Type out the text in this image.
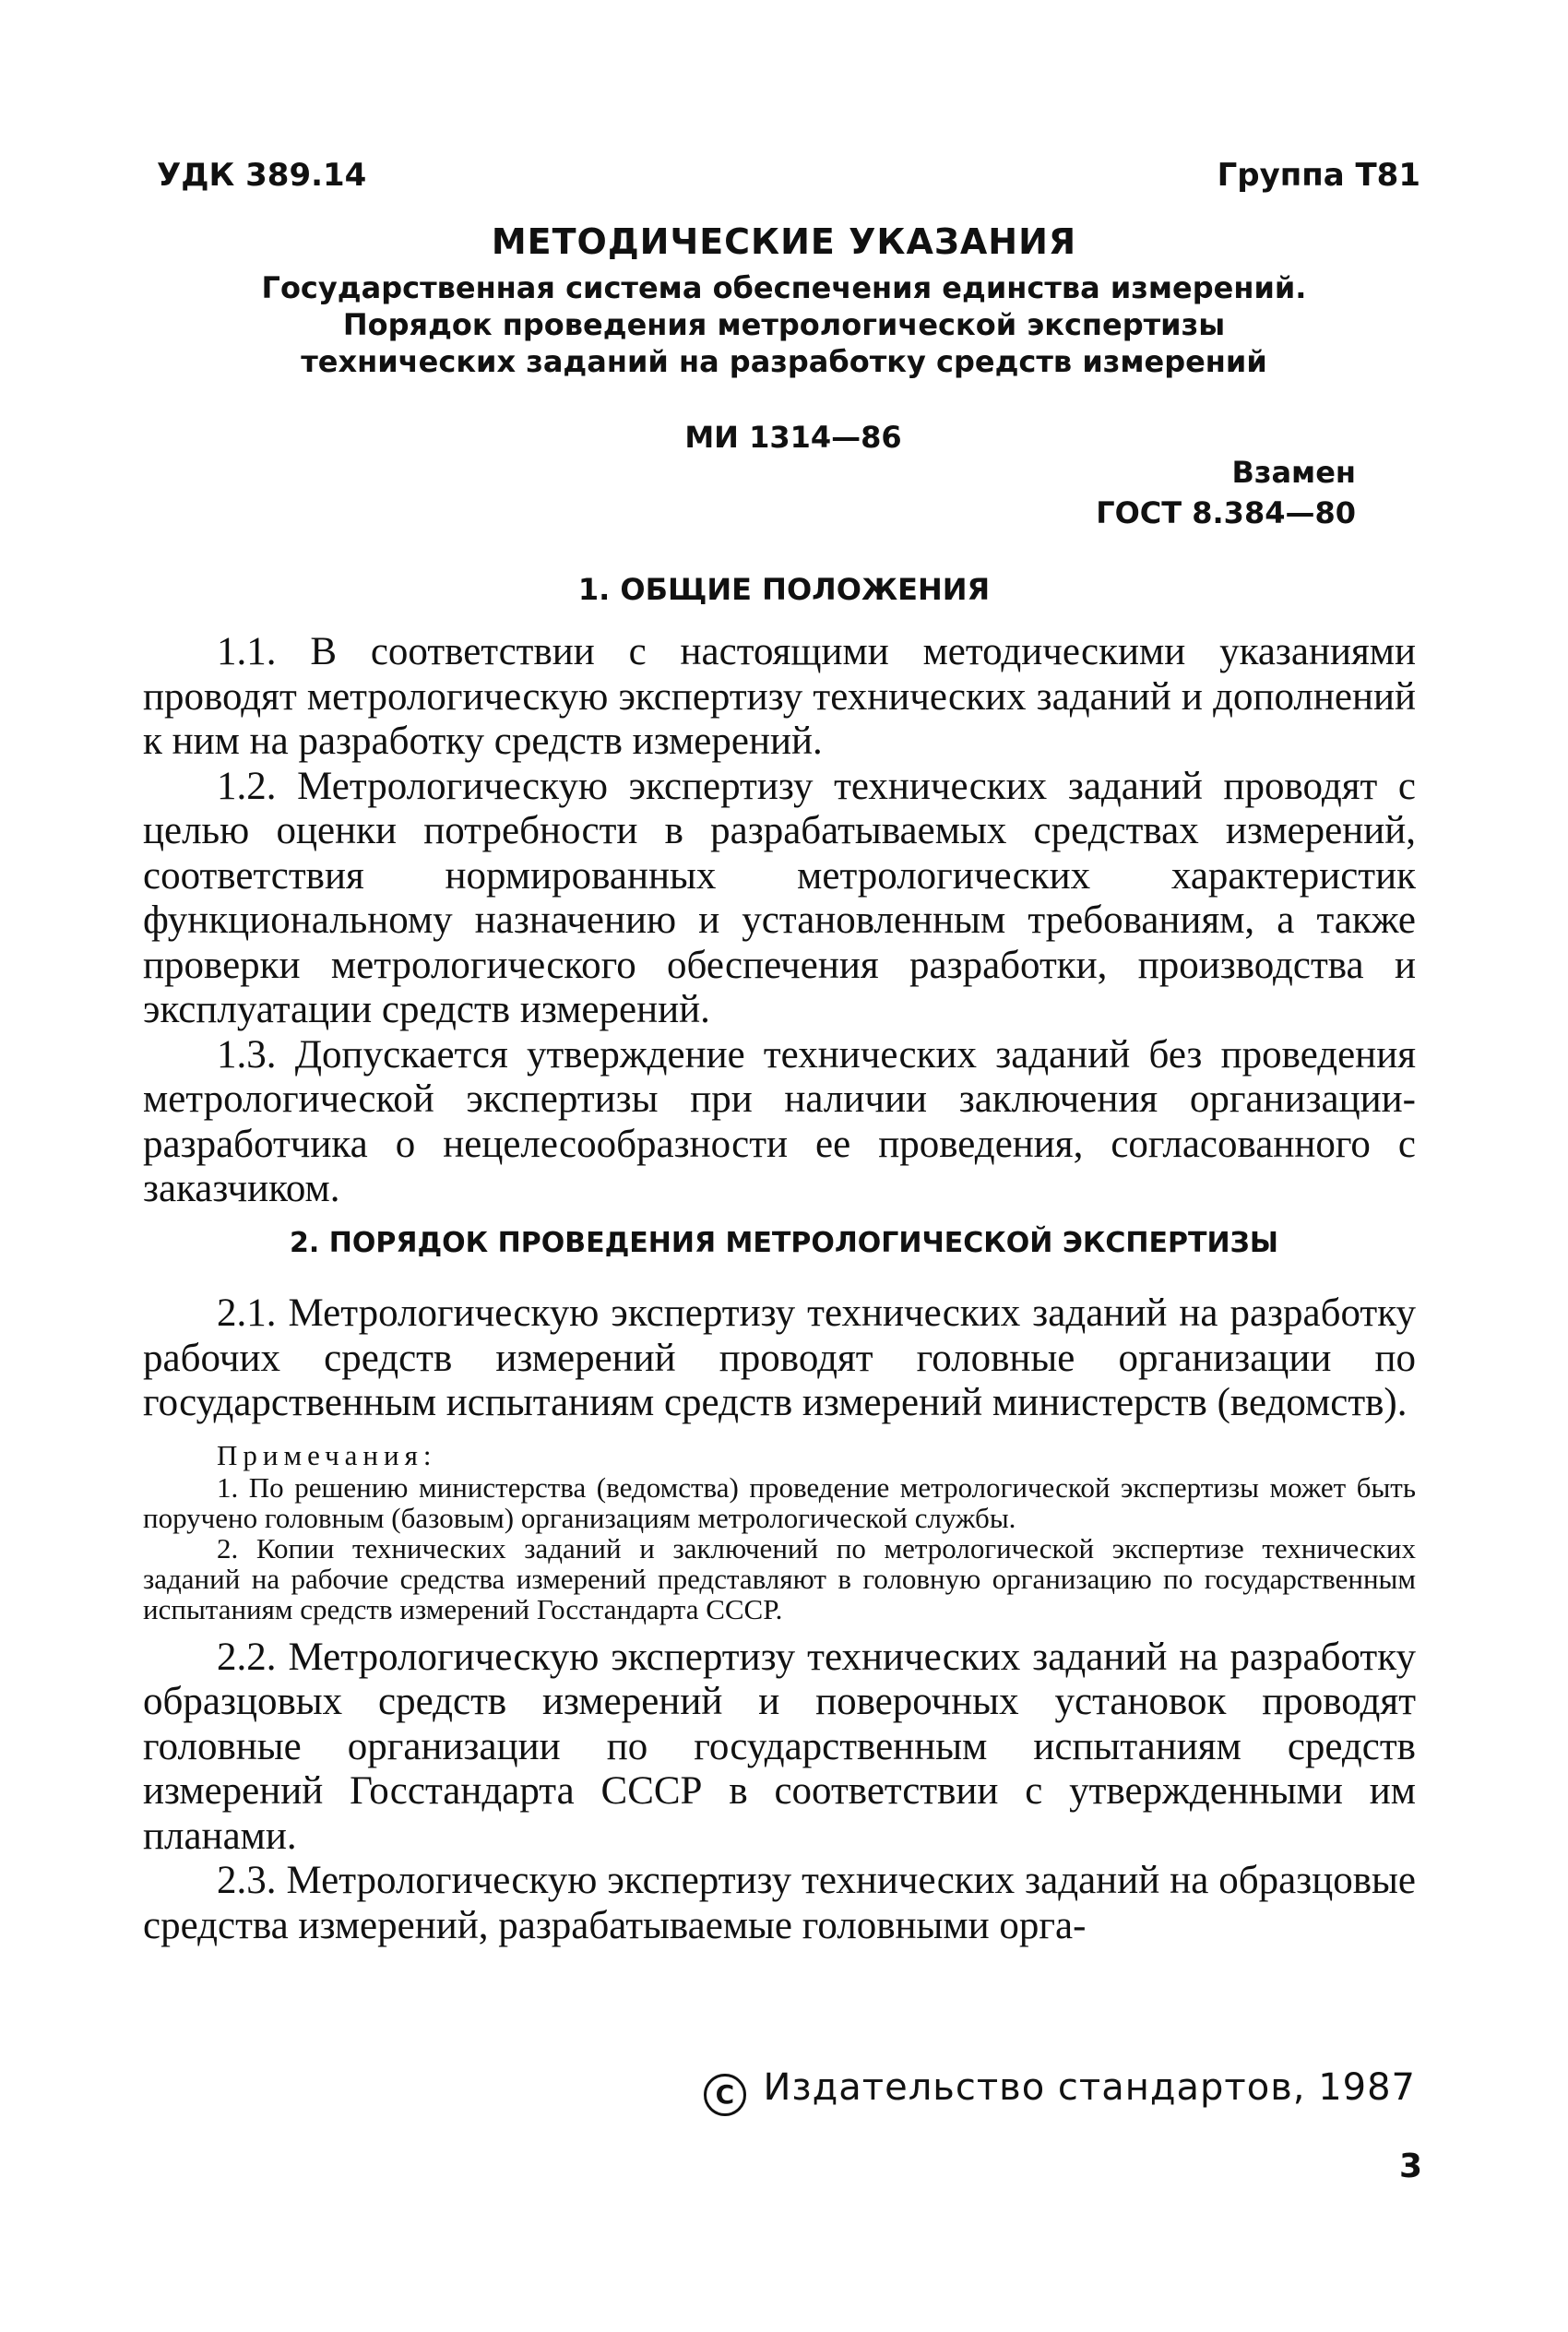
УДК 389.14	Группа Т81
МЕТОДИЧЕСКИЕ УКАЗАНИЯ
Государственная система обеспечения единства измерений. Порядок проведения метрологической экспертизы технических заданий на разработку средств измерений
МИ 1314—86
Взамен
ГОСТ 8.384—80
1. ОБЩИЕ ПОЛОЖЕНИЯ

1.1. В соответствии с настоящими методическими указаниями проводят метрологическую экспертизу технических заданий и дополнений к ним на разработку средств измерений.

1.2. Метрологическую экспертизу технических заданий проводят с целью оценки потребности в разрабатываемых средствах измерений, соответствия нормированных метрологических характеристик функциональному назначению и установленным требованиям, а также проверки метрологического обеспечения разработки, производства и эксплуатации средств измерений.

1.3. Допускается утверждение технических заданий без проведения метрологической экспертизы при наличии заключения организации-разработчика о нецелесообразности ее проведения, согласованного с заказчиком.

2. ПОРЯДОК ПРОВЕДЕНИЯ МЕТРОЛОГИЧЕСКОЙ ЭКСПЕРТИЗЫ

2.1. Метрологическую экспертизу технических заданий на разработку рабочих средств измерений проводят головные организации по государственным испытаниям средств измерений министерств (ведомств).

Примечания:

1. По решению министерства (ведомства) проведение метрологической экспертизы может быть поручено головным (базовым) организациям метрологической службы.

2. Копии технических заданий и заключений по метрологической экспертизе технических заданий на рабочие средства измерений представляют в головную организацию по государственным испытаниям средств измерений Госстандарта СССР.

2.2. Метрологическую экспертизу технических заданий на разработку образцовых средств измерений и поверочных установок проводят головные организации по государственным испытаниям средств измерений Госстандарта СССР в соответствии с утвержденными им планами.

2.3. Метрологическую экспертизу технических заданий на образцовые средства измерений, разрабатываемые головными орга-

C Издательство стандартов, 1987
3
